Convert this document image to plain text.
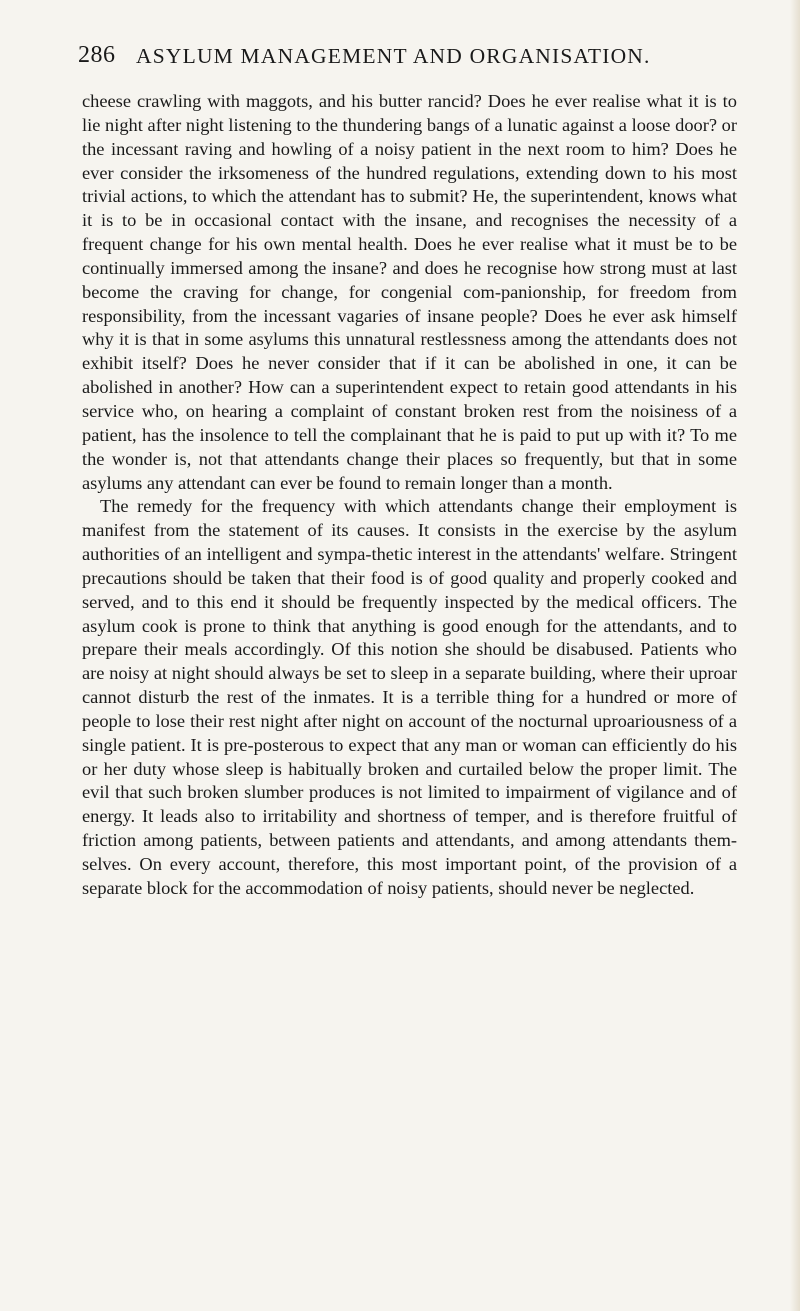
286 ASYLUM MANAGEMENT AND ORGANISATION.

cheese crawling with maggots, and his butter rancid? Does he ever realise what it is to lie night after night listening to the thundering bangs of a lunatic against a loose door? or the incessant raving and howling of a noisy patient in the next room to him? Does he ever consider the irksomeness of the hundred regulations, extending down to his most trivial actions, to which the attendant has to submit? He, the superintendent, knows what it is to be in occasional contact with the insane, and recognises the necessity of a frequent change for his own mental health. Does he ever realise what it must be to be continually immersed among the insane? and does he recognise how strong must at last become the craving for change, for congenial com-panionship, for freedom from responsibility, from the incessant vagaries of insane people? Does he ever ask himself why it is that in some asylums this unnatural restlessness among the attendants does not exhibit itself? Does he never consider that if it can be abolished in one, it can be abolished in another? How can a superintendent expect to retain good attendants in his service who, on hearing a complaint of constant broken rest from the noisiness of a patient, has the insolence to tell the complainant that he is paid to put up with it? To me the wonder is, not that attendants change their places so frequently, but that in some asylums any attendant can ever be found to remain longer than a month.

The remedy for the frequency with which attendants change their employment is manifest from the statement of its causes. It consists in the exercise by the asylum authorities of an intelligent and sympa-thetic interest in the attendants' welfare. Stringent precautions should be taken that their food is of good quality and properly cooked and served, and to this end it should be frequently inspected by the medical officers. The asylum cook is prone to think that anything is good enough for the attendants, and to prepare their meals accordingly. Of this notion she should be disabused. Patients who are noisy at night should always be set to sleep in a separate building, where their uproar cannot disturb the rest of the inmates. It is a terrible thing for a hundred or more of people to lose their rest night after night on account of the nocturnal uproariousness of a single patient. It is pre-posterous to expect that any man or woman can efficiently do his or her duty whose sleep is habitually broken and curtailed below the proper limit. The evil that such broken slumber produces is not limited to impairment of vigilance and of energy. It leads also to irritability and shortness of temper, and is therefore fruitful of friction among patients, between patients and attendants, and among attendants them-selves. On every account, therefore, this most important point, of the provision of a separate block for the accommodation of noisy patients, should never be neglected.
